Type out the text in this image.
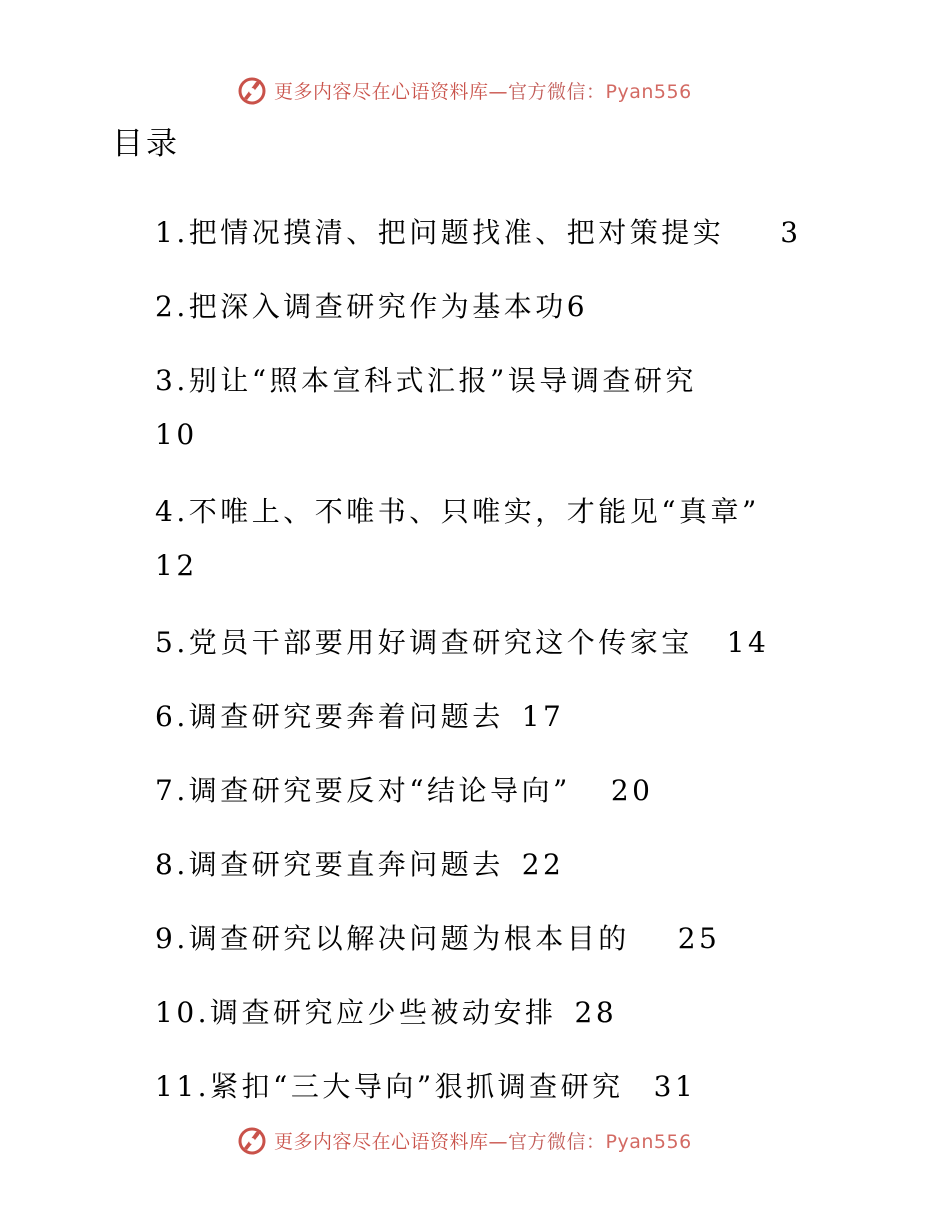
更多内容尽在心语资料库—官方微信：Pyan556
目录
1.把情况摸清、把问题找准、把对策提实 3
2.把深入调查研究作为基本功6
3.别让“照本宣科式汇报”误导调查研究
10
4.不唯上、不唯书、只唯实，才能见“真章”
12
5.党员干部要用好调查研究这个传家宝 14
6.调查研究要奔着问题去 17
7.调查研究要反对“结论导向” 20
8.调查研究要直奔问题去 22
9.调查研究以解决问题为根本目的 25
10.调查研究应少些被动安排 28
11.紧扣“三大导向”狠抓调查研究 31
更多内容尽在心语资料库—官方微信：Pyan556
